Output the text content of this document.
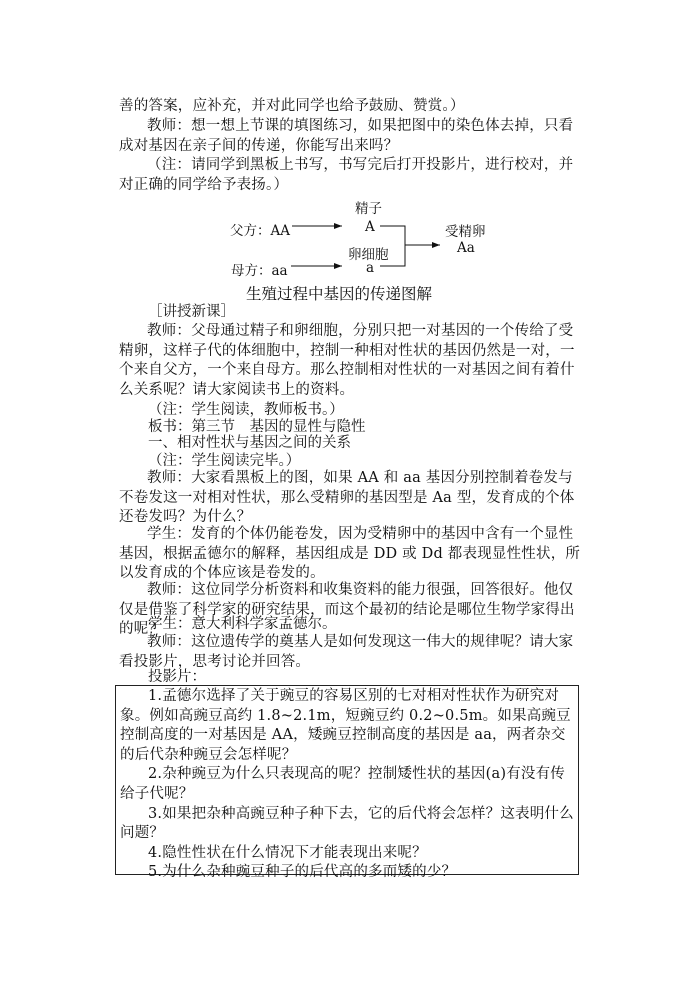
善的答案，应补充，并对此同学也给予鼓励、赞赏。）

教师：想一想上节课的填图练习，如果把图中的染色体去掉，只看成对基因在亲子间的传递，你能写出来吗？

（注：请同学到黑板上书写，书写完后打开投影片，进行校对，并对正确的同学给予表扬。）

精子
父方：AA	A
卵细胞
母方：aa	a
受精卵
Aa
生殖过程中基因的传递图解
［讲授新课］

教师：父母通过精子和卵细胞，分别只把一对基因的一个传给了受精卵，这样子代的体细胞中，控制一种相对性状的基因仍然是一对，一个来自父方，一个来自母方。那么控制相对性状的一对基因之间有着什么关系呢？请大家阅读书上的资料。

（注：学生阅读，教师板书。）
板书：第三节　基因的显性与隐性
一、相对性状与基因之间的关系
（注：学生阅读完毕。）

教师：大家看黑板上的图，如果 AA 和 aa 基因分别控制着卷发与不卷发这一对相对性状，那么受精卵的基因型是 Aa 型，发育成的个体还卷发吗？为什么？

学生：发育的个体仍能卷发，因为受精卵中的基因中含有一个显性基因，根据孟德尔的解释，基因组成是 DD 或 Dd 都表现显性性状，所以发育成的个体应该是卷发的。

教师：这位同学分析资料和收集资料的能力很强，回答很好。他仅仅是借鉴了科学家的研究结果，而这个最初的结论是哪位生物学家得出的呢？

学生：意大利科学家孟德尔。

教师：这位遗传学的奠基人是如何发现这一伟大的规律呢？请大家看投影片，思考讨论并回答。

投影片：

1.孟德尔选择了关于豌豆的容易区别的七对相对性状作为研究对象。例如高豌豆高约 1.8~2.1m，短豌豆约 0.2~0.5m。如果高豌豆控制高度的一对基因是 AA，矮豌豆控制高度的基因是 aa，两者杂交的后代杂种豌豆会怎样呢？

2.杂种豌豆为什么只表现高的呢？控制矮性状的基因(a)有没有传给子代呢？

3.如果把杂种高豌豆种子种下去，它的后代将会怎样？这表明什么问题？

4.隐性性状在什么情况下才能表现出来呢？

5.为什么杂种豌豆种子的后代高的多而矮的少？
